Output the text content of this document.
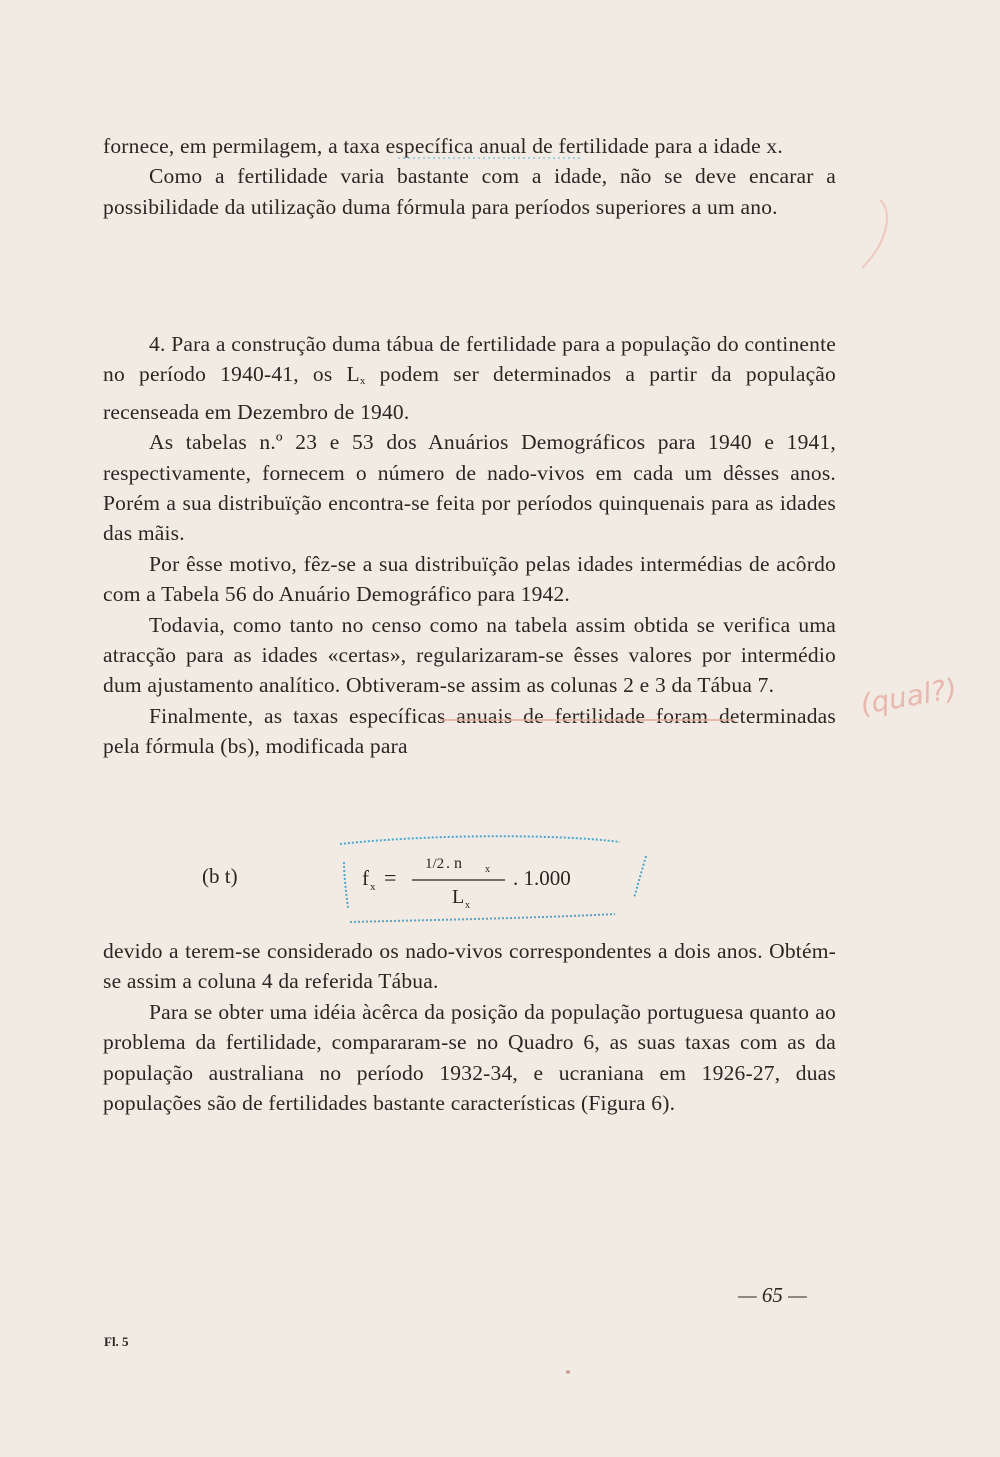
fornece, em permilagem, a taxa específica anual de fertilidade para a idade x.

Como a fertilidade varia bastante com a idade, não se deve encarar a possibilidade da utilização duma fórmula para períodos superiores a um ano.

4. Para a construção duma tábua de fertilidade para a população do continente no período 1940-41, os $L_x$ podem ser determinados a partir da população recenseada em Dezembro de 1940.

As tabelas n.º 23 e 53 dos Anuários Demográficos para 1940 e 1941, respectivamente, fornecem o número de nado-vivos em cada um dêsses anos. Porém a sua distribuïção encontra-se feita por períodos quinquenais para as idades das mãis.

Por êsse motivo, fêz-se a sua distribuïção pelas idades intermédias de acôrdo com a Tabela 56 do Anuário Demográfico para 1942.

Todavia, como tanto no censo como na tabela assim obtida se verifica uma atracção para as idades «certas», regularizaram-se êsses valores por intermédio dum ajustamento analítico. Obtiveram-se assim as colunas 2 e 3 da Tábua 7.

Finalmente, as taxas específicas anuais de fertilidade foram determinadas pela fórmula (bs), modificada para

(b t)	f x =
1/2 . n x
L x
. 1.000

devido a terem-se considerado os nado-vivos correspondentes a dois anos. Obtém-se assim a coluna 4 da referida Tábua.

Para se obter uma idéia àcêrca da posição da população portuguesa quanto ao problema da fertilidade, compararam-se no Quadro 6, as suas taxas com as da população australiana no período 1932-34, e ucraniana em 1926-27, duas populações são de fertilidades bastante características (Figura 6).

(qual?)
— 65 —
Fl. 5
